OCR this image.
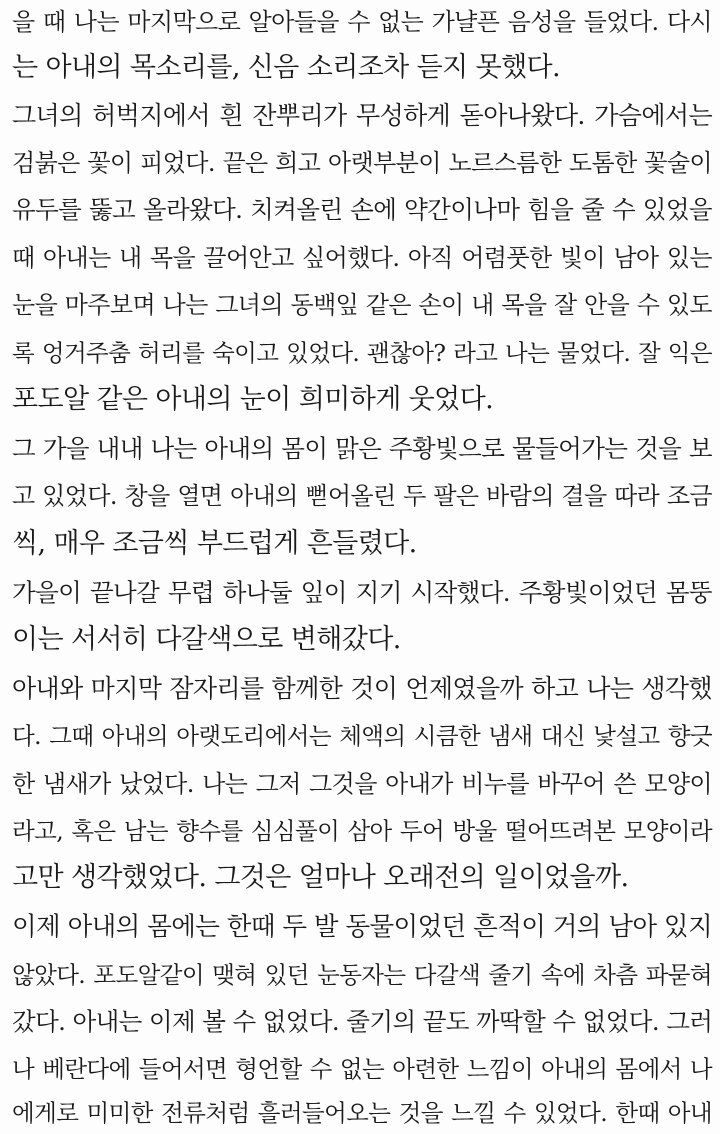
을 때 나는 마지막으로 알아들을 수 없는 가냘픈 음성을 들었다. 다시
는 아내의 목소리를, 신음 소리조차 듣지 못했다.
그녀의 허벅지에서 흰 잔뿌리가 무성하게 돋아나왔다. 가슴에서는
검붉은 꽃이 피었다. 끝은 희고 아랫부분이 노르스름한 도톰한 꽃술이
유두를 뚫고 올라왔다. 치켜올린 손에 약간이나마 힘을 줄 수 있었을
때 아내는 내 목을 끌어안고 싶어했다. 아직 어렴풋한 빛이 남아 있는
눈을 마주보며 나는 그녀의 동백잎 같은 손이 내 목을 잘 안을 수 있도
록 엉거주춤 허리를 숙이고 있었다. 괜찮아? 라고 나는 물었다. 잘 익은
포도알 같은 아내의 눈이 희미하게 웃었다.
그 가을 내내 나는 아내의 몸이 맑은 주황빛으로 물들어가는 것을 보
고 있었다. 창을 열면 아내의 뻗어올린 두 팔은 바람의 결을 따라 조금
씩, 매우 조금씩 부드럽게 흔들렸다.
가을이 끝나갈 무렵 하나둘 잎이 지기 시작했다. 주황빛이었던 몸뚱
이는 서서히 다갈색으로 변해갔다.
아내와 마지막 잠자리를 함께한 것이 언제였을까 하고 나는 생각했
다. 그때 아내의 아랫도리에서는 체액의 시큼한 냄새 대신 낯설고 향긋
한 냄새가 났었다. 나는 그저 그것을 아내가 비누를 바꾸어 쓴 모양이
라고, 혹은 남는 향수를 심심풀이 삼아 두어 방울 떨어뜨려본 모양이라
고만 생각했었다. 그것은 얼마나 오래전의 일이었을까.
이제 아내의 몸에는 한때 두 발 동물이었던 흔적이 거의 남아 있지
않았다. 포도알같이 맺혀 있던 눈동자는 다갈색 줄기 속에 차츰 파묻혀
갔다. 아내는 이제 볼 수 없었다. 줄기의 끝도 까딱할 수 없었다. 그러
나 베란다에 들어서면 형언할 수 없는 아련한 느낌이 아내의 몸에서 나
에게로 미미한 전류처럼 흘러들어오는 것을 느낄 수 있었다. 한때 아내
